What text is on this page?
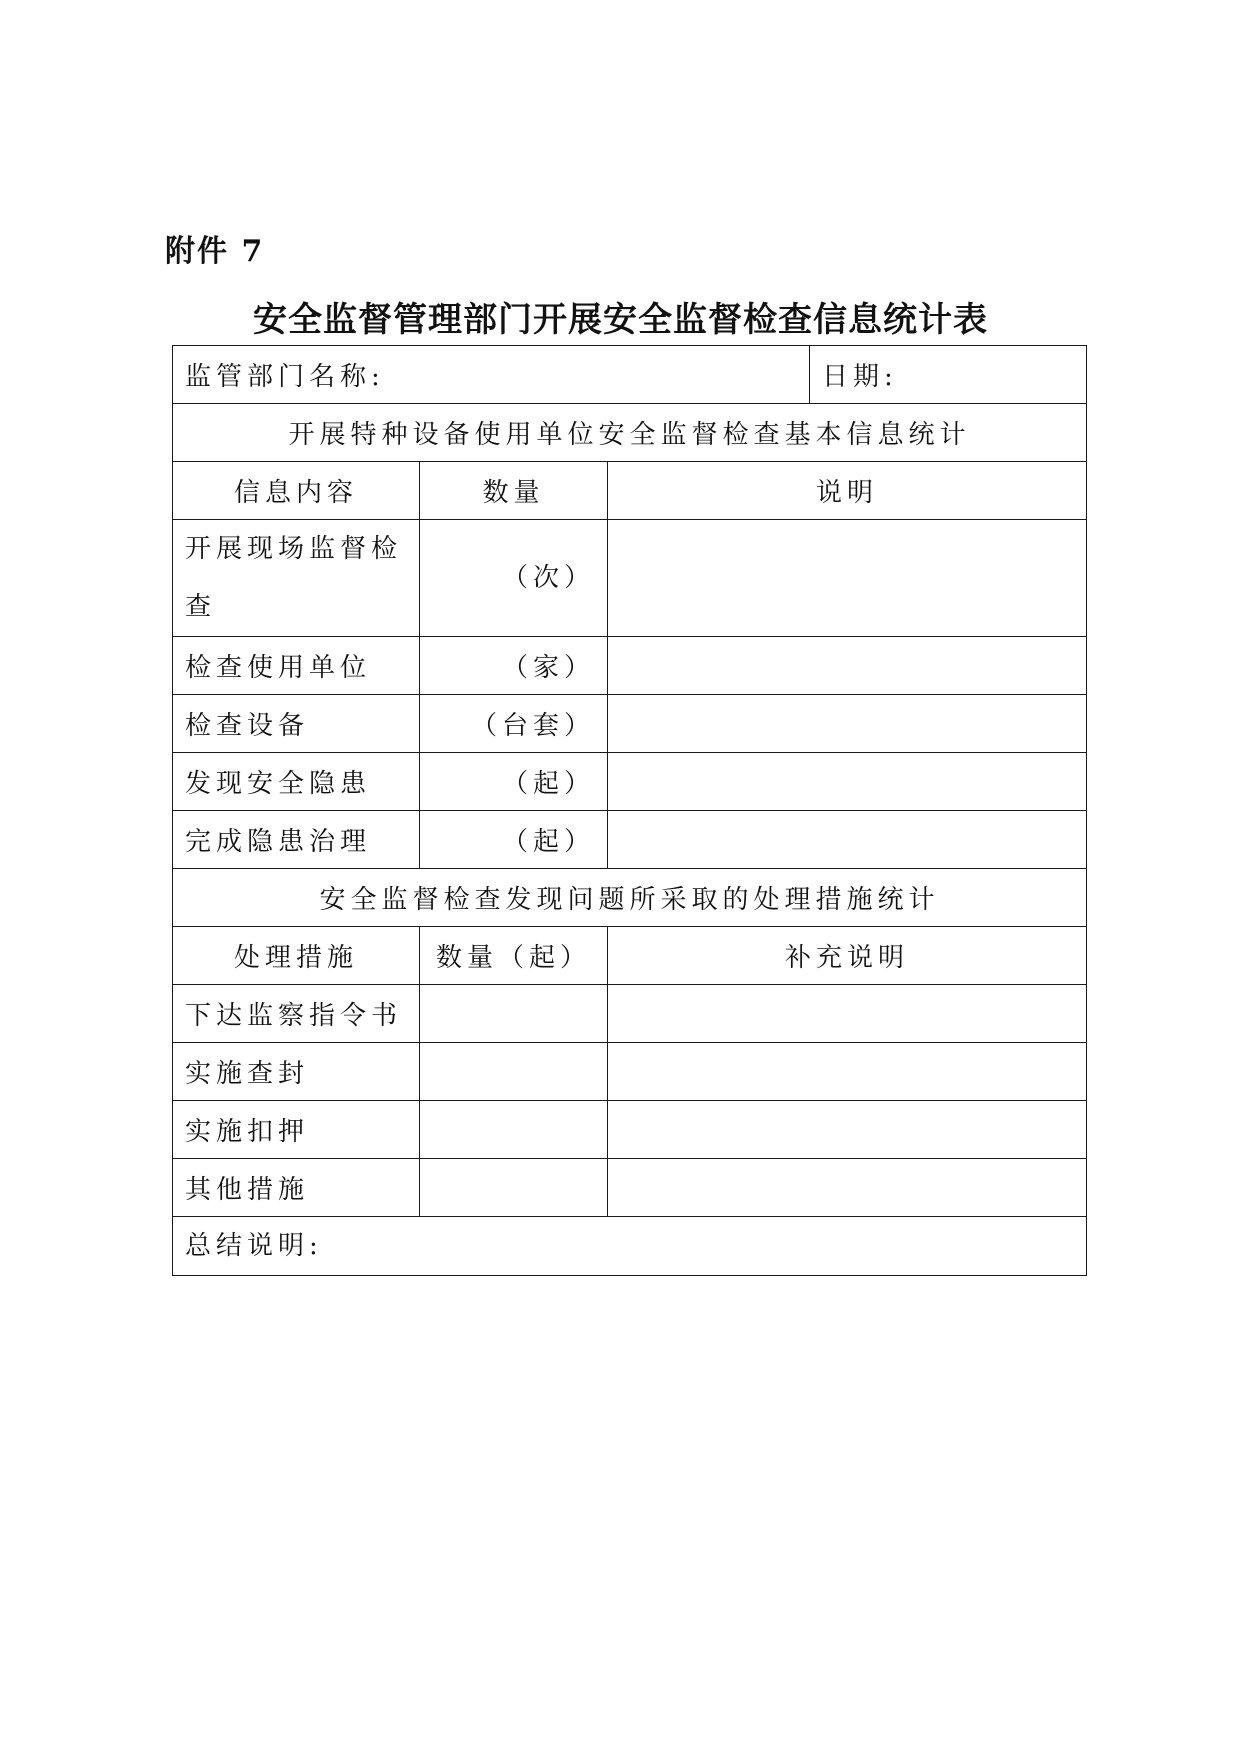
附件 7
安全监督管理部门开展安全监督检查信息统计表
监管部门名称:			日期:
开展特种设备使用单位安全监督检查基本信息统计			
信息内容	数量	说明	
开展现场监督检查	（次）		
检查使用单位	（家）		
检查设备	（台套）		
发现安全隐患	（起）		
完成隐患治理	（起）		
安全监督检查发现问题所采取的处理措施统计			
处理措施	数量（起）	补充说明	
下达监察指令书			
实施查封			
实施扣押			
其他措施			
总结说明:			
